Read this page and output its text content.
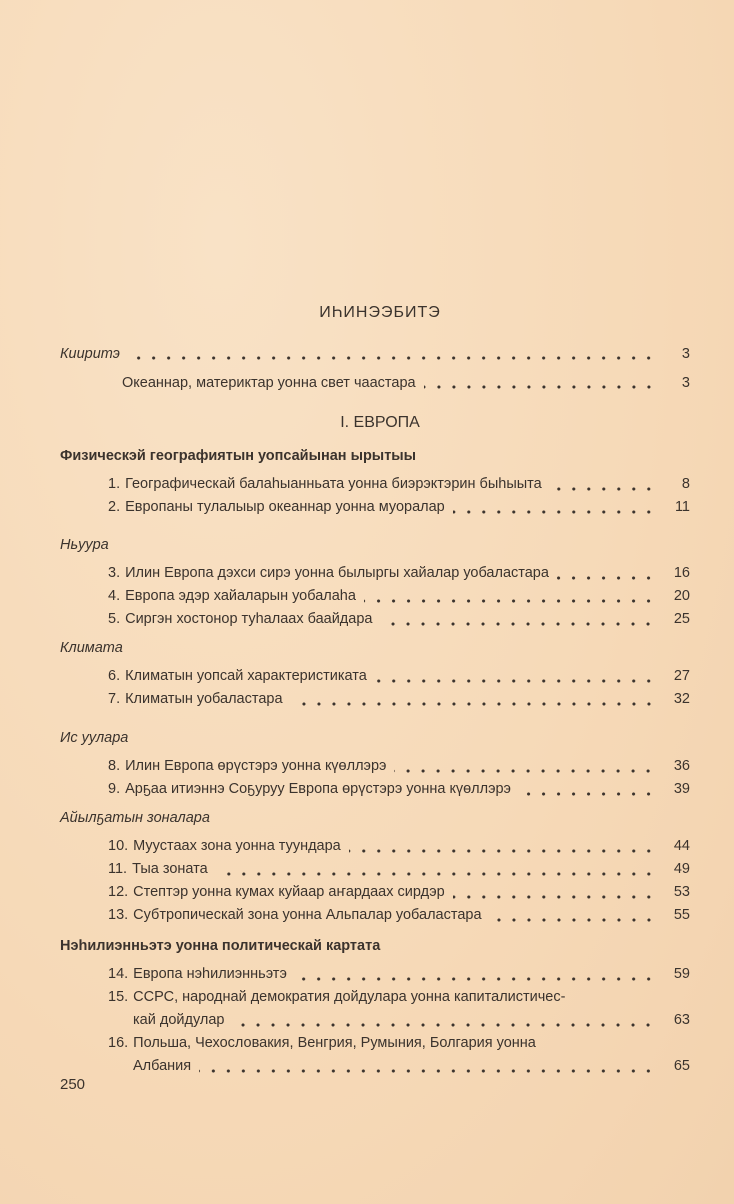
ИҺИНЭЭБИТЭ
Кииритэ	3
Океаннар, материктар уонна свет чаастара	3
I. ЕВРОПА
Физическэй географиятын уопсайынан ырытыы
1. Географическай балаһыанньата уонна биэрэктэрин быһыыта	8
2. Европаны тулалыыр океаннар уонна муоралар	11
Ньуура
3. Илин Европа дэхси сирэ уонна былыргы хайалар уобаластара	16
4. Европа эдэр хайаларын уобалаһа	20
5. Сиргэн хостонор туһалаах баайдара	25
Климата
6. Климатын уопсай характеристиката	27
7. Климатын уобаластара	32
Ис уулара
8. Илин Европа өрүстэрэ уонна күөллэрэ	36
9. Арҕаа итиэннэ Соҕуруу Европа өрүстэрэ уонна күөллэрэ	39
Айылҕатын зоналара
10. Муустаах зона уонна туундара	44
11. Тыа зоната	49
12. Стептэр уонна кумах куйаар аҥардаах сирдэр	53
13. Субтропическай зона уонна Альпалар уобаластара	55
Нэһилиэнньэтэ уонна политическай картата
14. Европа нэһилиэнньэтэ	59
15. ССРС, народнай демократия дойдулара уонна капиталистичес-
кай дойдулар	63
16. Польша, Чехословакия, Венгрия, Румыния, Болгария уонна
Албания	65
250
